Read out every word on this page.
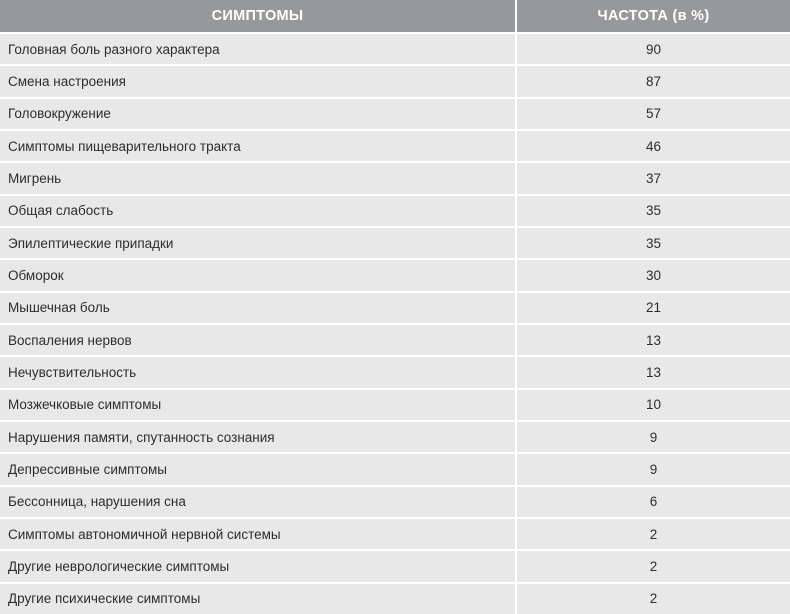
СИМПТОМЫ	ЧАСТОТА (в %)
Головная боль разного характера	90
Смена настроения	87
Головокружение	57
Симптомы пищеварительного тракта	46
Мигрень	37
Общая слабость	35
Эпилептические припадки	35
Обморок	30
Мышечная боль	21
Воспаления нервов	13
Нечувствительность	13
Мозжечковые симптомы	10
Нарушения памяти, спутанность сознания	9
Депрессивные симптомы	9
Бессонница, нарушения сна	6
Симптомы автономичной нервной системы	2
Другие неврологические симптомы	2
Другие психические симптомы	2
